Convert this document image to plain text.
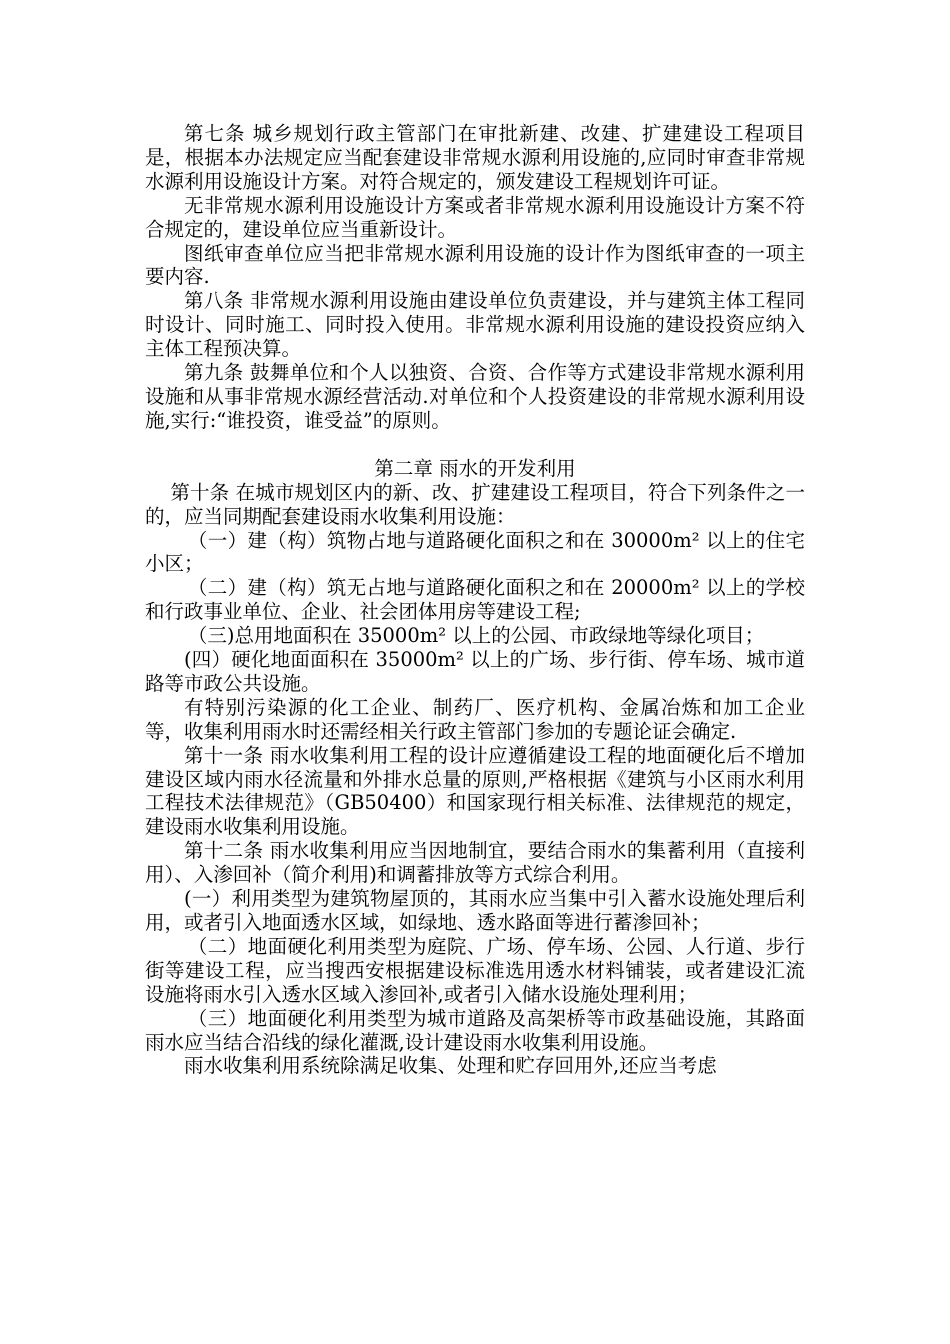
第七条 城乡规划行政主管部门在审批新建、改建、扩建建设工程项目是，根据本办法规定应当配套建设非常规水源利用设施的,应同时审查非常规水源利用设施设计方案。对符合规定的，颁发建设工程规划许可证。

无非常规水源利用设施设计方案或者非常规水源利用设施设计方案不符合规定的，建设单位应当重新设计。

图纸审查单位应当把非常规水源利用设施的设计作为图纸审查的一项主要内容.

第八条 非常规水源利用设施由建设单位负责建设，并与建筑主体工程同时设计、同时施工、同时投入使用。非常规水源利用设施的建设投资应纳入主体工程预决算。

第九条 鼓舞单位和个人以独资、合资、合作等方式建设非常规水源利用设施和从事非常规水源经营活动.对单位和个人投资建设的非常规水源利用设施,实行:“谁投资，谁受益”的原则。

第二章 雨水的开发利用

第十条 在城市规划区内的新、改、扩建建设工程项目，符合下列条件之一的，应当同期配套建设雨水收集利用设施：

（一）建（构）筑物占地与道路硬化面积之和在 30000m² 以上的住宅小区；

（二）建（构）筑无占地与道路硬化面积之和在 20000m² 以上的学校和行政事业单位、企业、社会团体用房等建设工程;

（三)总用地面积在 35000m² 以上的公园、市政绿地等绿化项目；

(四）硬化地面面积在 35000m² 以上的广场、步行街、停车场、城市道路等市政公共设施。

有特别污染源的化工企业、制药厂、医疗机构、金属冶炼和加工企业等，收集利用雨水时还需经相关行政主管部门参加的专题论证会确定.

第十一条 雨水收集利用工程的设计应遵循建设工程的地面硬化后不增加建设区域内雨水径流量和外排水总量的原则,严格根据《建筑与小区雨水利用工程技术法律规范》（GB50400）和国家现行相关标准、法律规范的规定，建设雨水收集利用设施。

第十二条 雨水收集利用应当因地制宜，要结合雨水的集蓄利用（直接利用）、入渗回补（简介利用)和调蓄排放等方式综合利用。

(一）利用类型为建筑物屋顶的，其雨水应当集中引入蓄水设施处理后利用，或者引入地面透水区域，如绿地、透水路面等进行蓄渗回补；

（二）地面硬化利用类型为庭院、广场、停车场、公园、人行道、步行街等建设工程，应当搜西安根据建设标准选用透水材料铺装，或者建设汇流设施将雨水引入透水区域入渗回补,或者引入储水设施处理利用；

（三）地面硬化利用类型为城市道路及高架桥等市政基础设施，其路面雨水应当结合沿线的绿化灌溉,设计建设雨水收集利用设施。

雨水收集利用系统除满足收集、处理和贮存回用外,还应当考虑
